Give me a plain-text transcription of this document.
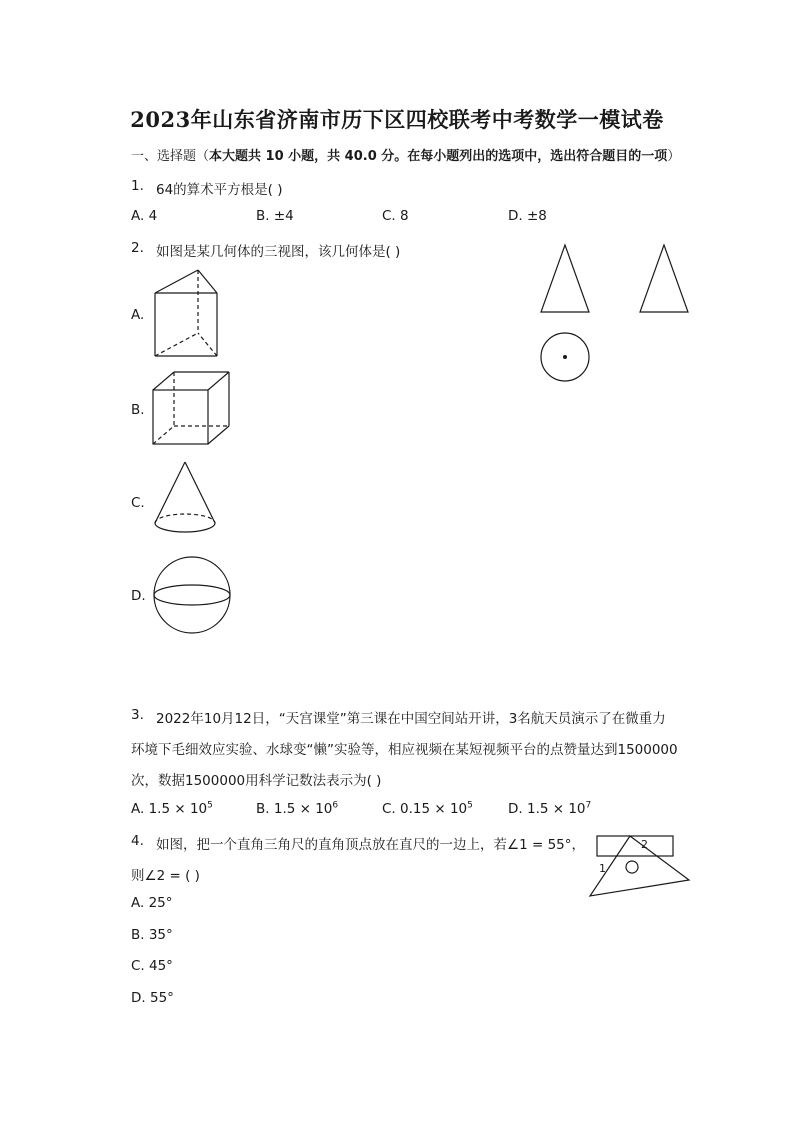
2023年山东省济南市历下区四校联考中考数学一模试卷
一、选择题（本大题共 10 小题，共 40.0 分。在每小题列出的选项中，选出符合题目的一项）
1. 64的算术平方根是( )
A. 4	B. ±4	C. 8	D. ±8
2. 如图是某几何体的三视图，该几何体是( )
A.
B.
C.
D.
3. 2022年10月12日，“天宫课堂”第三课在中国空间站开讲，3名航天员演示了在微重力
环境下毛细效应实验、水球变“懒”实验等，相应视频在某短视频平台的点赞量达到1500000
次，数据1500000用科学记数法表示为( )
A. $1.5 \times 10^5$	B. $1.5 \times 10^6$	C. $0.15 \times 10^5$	D. $1.5 \times 10^7$
4. 如图，把一个直角三角尺的直角顶点放在直尺的一边上，若∠1 = 55°，
则∠2 = ( )
2
1
A. 25°
B. 35°
C. 45°
D. 55°
